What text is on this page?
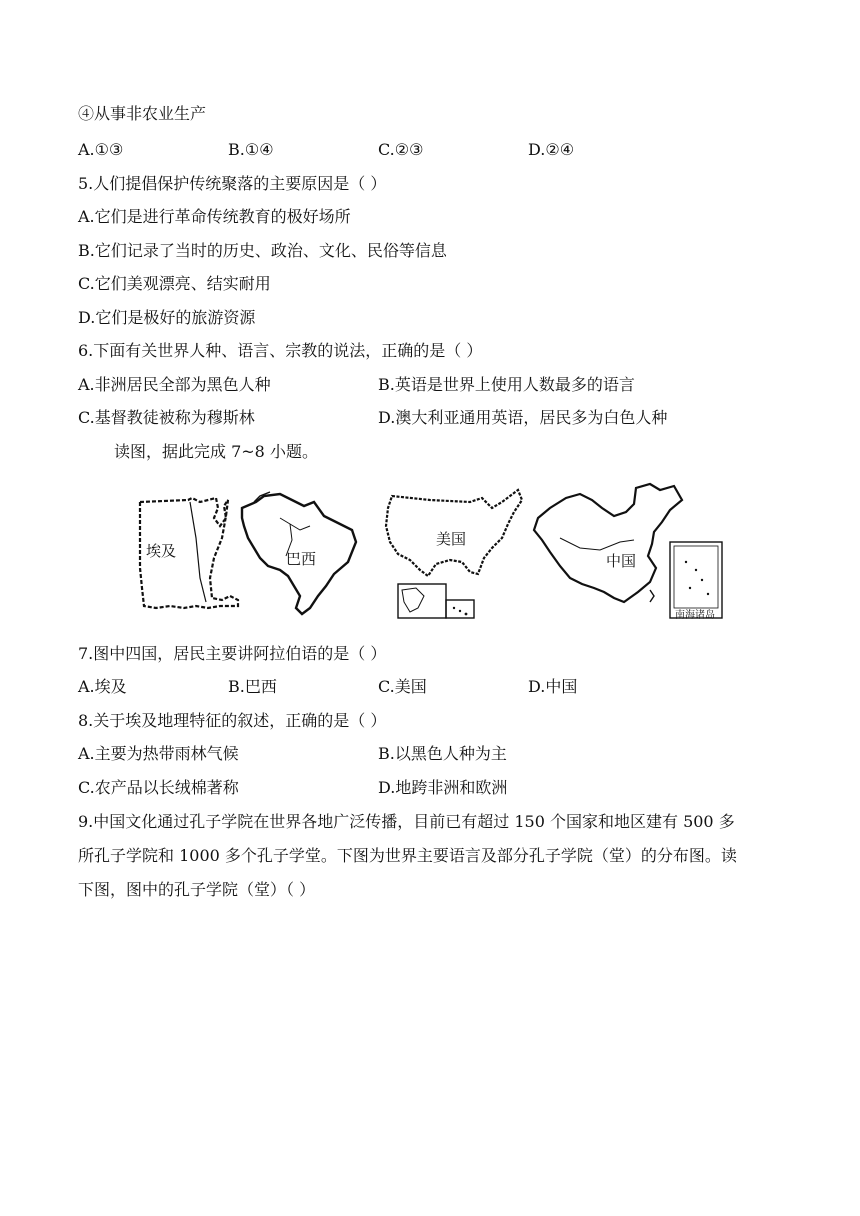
④从事非农业生产
A.①③	B.①④	C.②③	D.②④
5.人们提倡保护传统聚落的主要原因是（ ）
A.它们是进行革命传统教育的极好场所
B.它们记录了当时的历史、政治、文化、民俗等信息
C.它们美观漂亮、结实耐用
D.它们是极好的旅游资源
6.下面有关世界人种、语言、宗教的说法，正确的是（ ）
A.非洲居民全部为黑色人种	B.英语是世界上使用人数最多的语言
C.基督教徒被称为穆斯林	D.澳大利亚通用英语，居民多为白色人种
读图，据此完成 7~8 小题。
埃及	巴西
美国
中国
南海诸岛
7.图中四国，居民主要讲阿拉伯语的是（ ）
A.埃及	B.巴西	C.美国	D.中国
8.关于埃及地理特征的叙述，正确的是（ ）
A.主要为热带雨林气候	B.以黑色人种为主
C.农产品以长绒棉著称	D.地跨非洲和欧洲
9.中国文化通过孔子学院在世界各地广泛传播，目前已有超过 150 个国家和地区建有 500 多
所孔子学院和 1000 多个孔子学堂。下图为世界主要语言及部分孔子学院（堂）的分布图。读
下图，图中的孔子学院（堂）（ ）
